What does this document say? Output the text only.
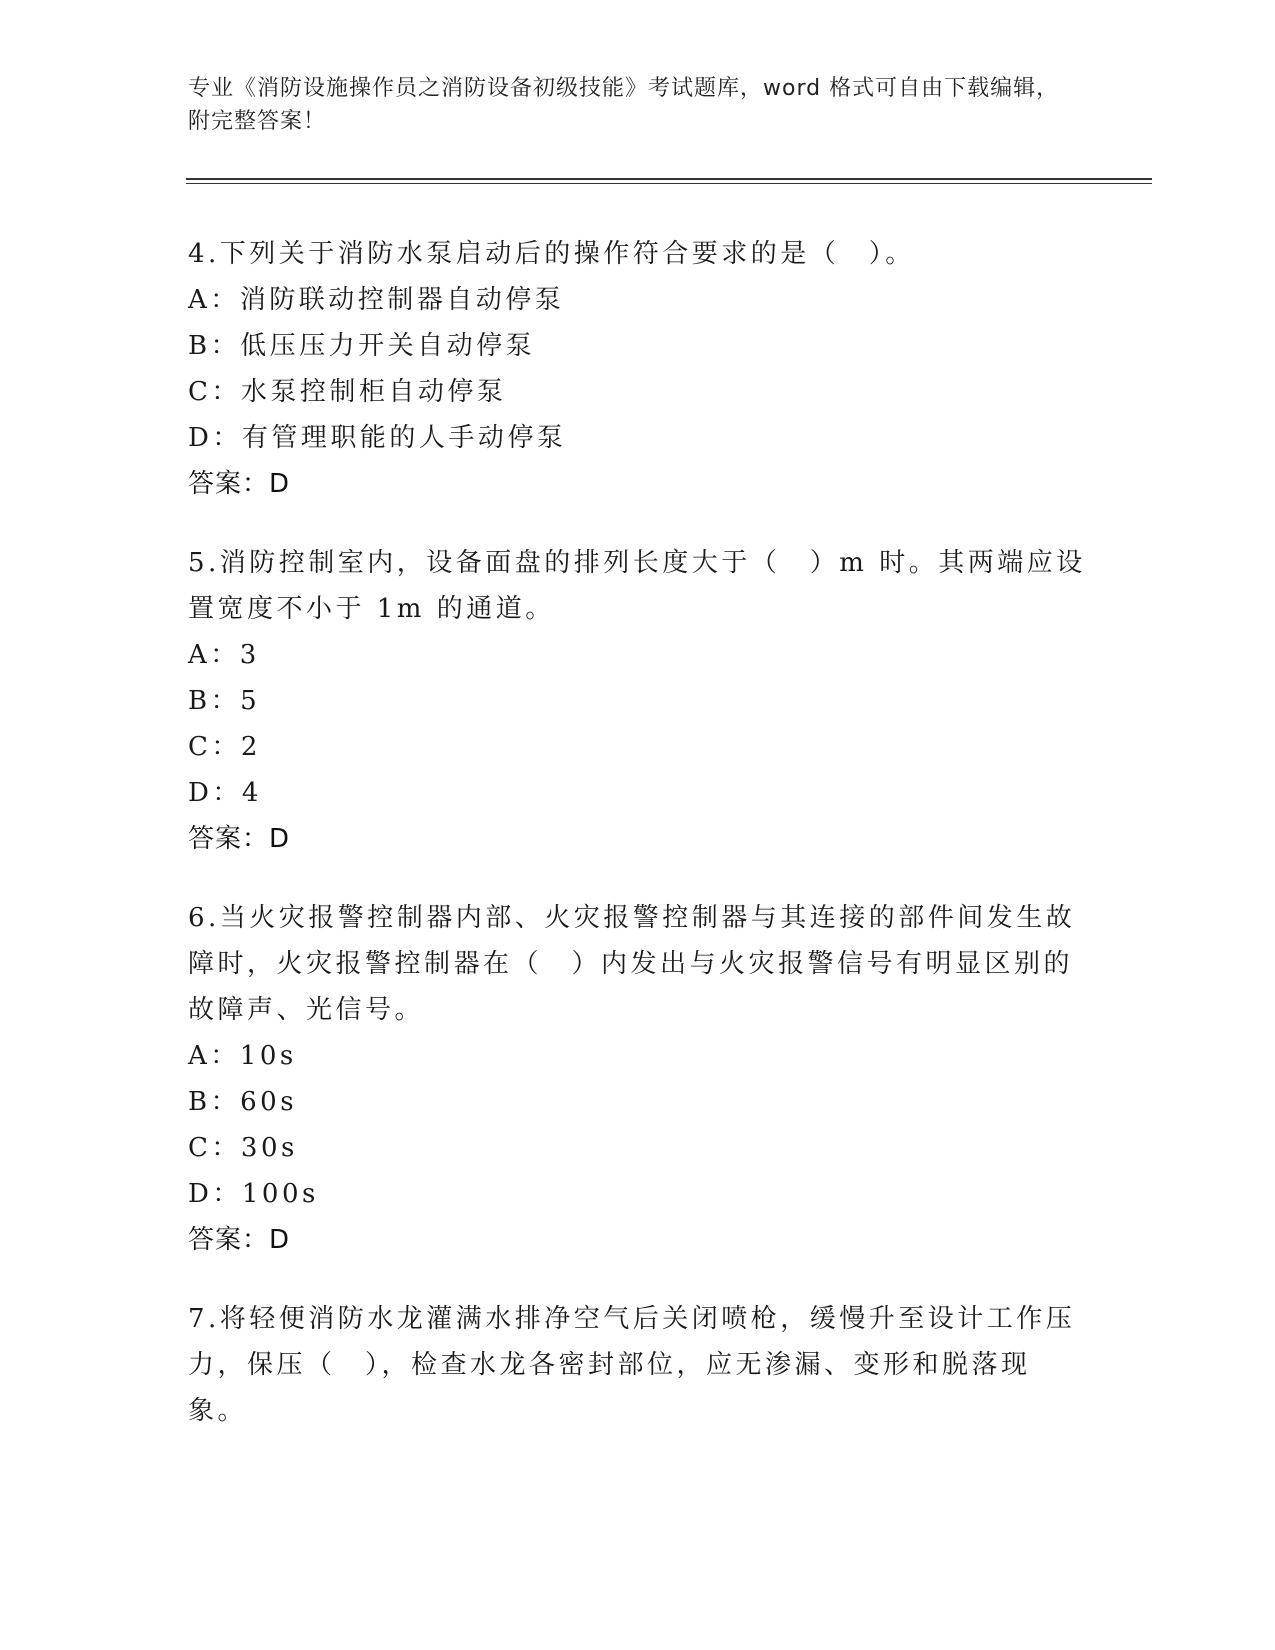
专业《消防设施操作员之消防设备初级技能》考试题库，word 格式可自由下载编辑，附完整答案！

4.下列关于消防水泵启动后的操作符合要求的是（　）。

A：消防联动控制器自动停泵

B：低压压力开关自动停泵

C：水泵控制柜自动停泵

D：有管理职能的人手动停泵

答案：D

5.消防控制室内，设备面盘的排列长度大于（　）m 时。其两端应设置宽度不小于 1m 的通道。

A：3

B：5

C：2

D：4

答案：D

6.当火灾报警控制器内部、火灾报警控制器与其连接的部件间发生故障时，火灾报警控制器在（　）内发出与火灾报警信号有明显区别的故障声、光信号。

A：10s

B：60s

C：30s

D：100s

答案：D

7.将轻便消防水龙灌满水排净空气后关闭喷枪，缓慢升至设计工作压力，保压（　），检查水龙各密封部位，应无渗漏、变形和脱落现象。
